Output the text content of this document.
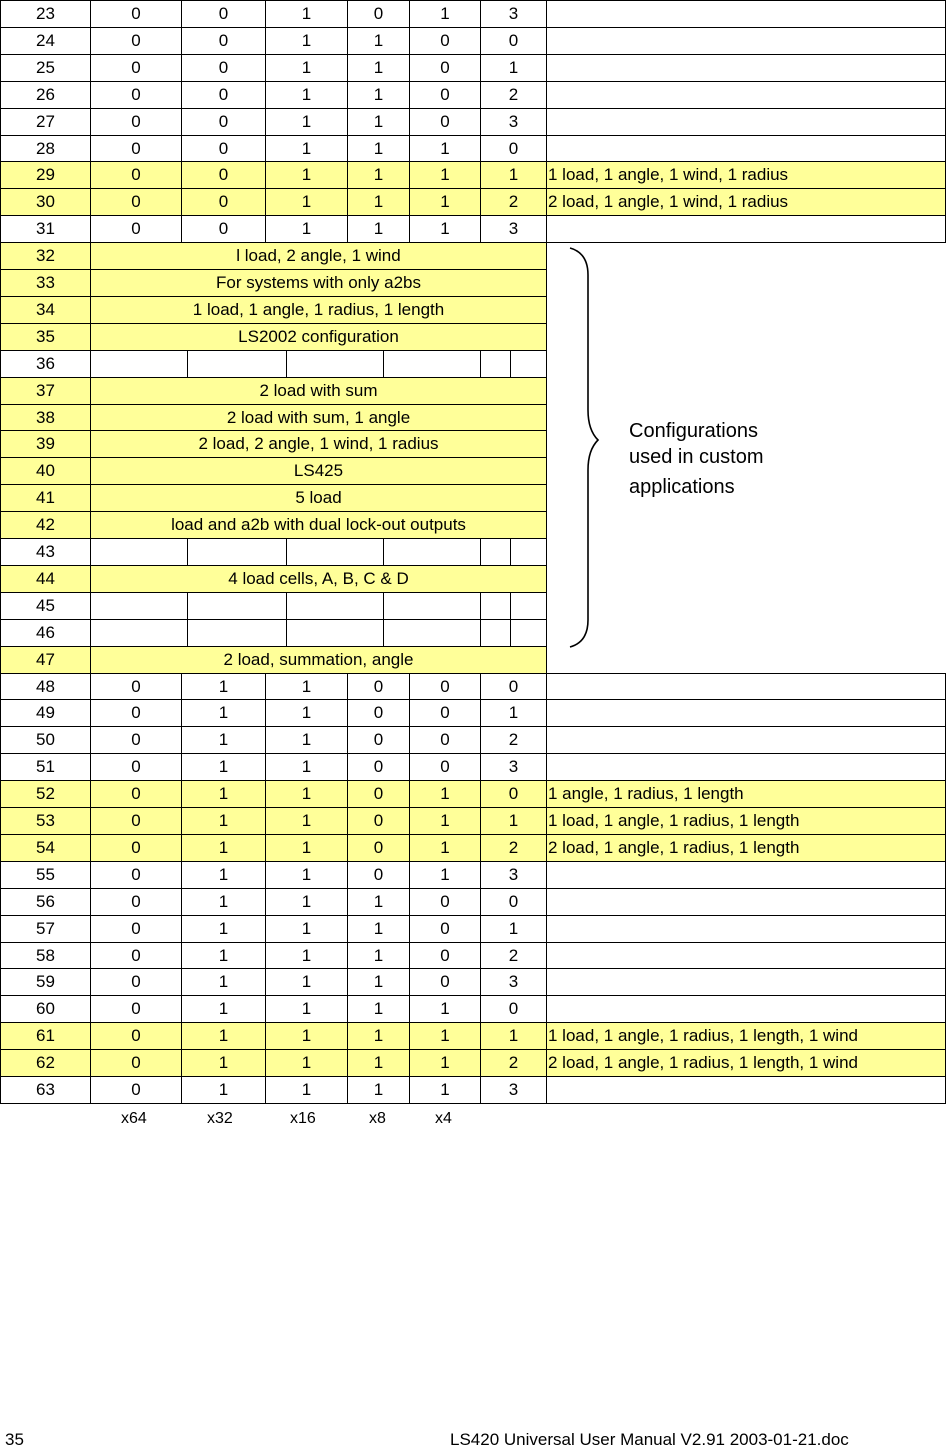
23	0	0	1	0	1	3
24	0	0	1	1	0	0
25	0	0	1	1	0	1
26	0	0	1	1	0	2
27	0	0	1	1	0	3
28	0	0	1	1	1	0
29	0	0	1	1	1	1	1 load, 1 angle, 1 wind, 1 radius
30	0	0	1	1	1	2	2 load, 1 angle, 1 wind, 1 radius
31	0	0	1	1	1	3
32	l load, 2 angle, 1 wind
33	For systems with only a2bs
34	1 load, 1 angle, 1 radius, 1 length
35	LS2002 configuration
36
37	2 load with sum
38	2 load with sum, 1 angle
39	2 load, 2 angle, 1 wind, 1 radius
40	LS425
41	5 load
42	load and a2b with dual lock-out outputs
43
44	4 load cells, A, B, C & D
45
46
47	2 load, summation, angle
48	0	1	1	0	0	0
49	0	1	1	0	0	1
50	0	1	1	0	0	2
51	0	1	1	0	0	3
52	0	1	1	0	1	0	1 angle, 1 radius, 1 length
53	0	1	1	0	1	1	1 load, 1 angle, 1 radius, 1 length
54	0	1	1	0	1	2	2 load, 1 angle, 1 radius, 1 length
55	0	1	1	0	1	3
56	0	1	1	1	0	0
57	0	1	1	1	0	1
58	0	1	1	1	0	2
59	0	1	1	1	0	3
60	0	1	1	1	1	0
61	0	1	1	1	1	1	1 load, 1 angle, 1 radius, 1 length, 1 wind
62	0	1	1	1	1	2	2 load, 1 angle, 1 radius, 1 length, 1 wind
63	0	1	1	1	1	3
Configurations
used in custom
applications
x64	x32	x16	x8	x4
35	LS420 Universal User Manual V2.91 2003-01-21.doc
